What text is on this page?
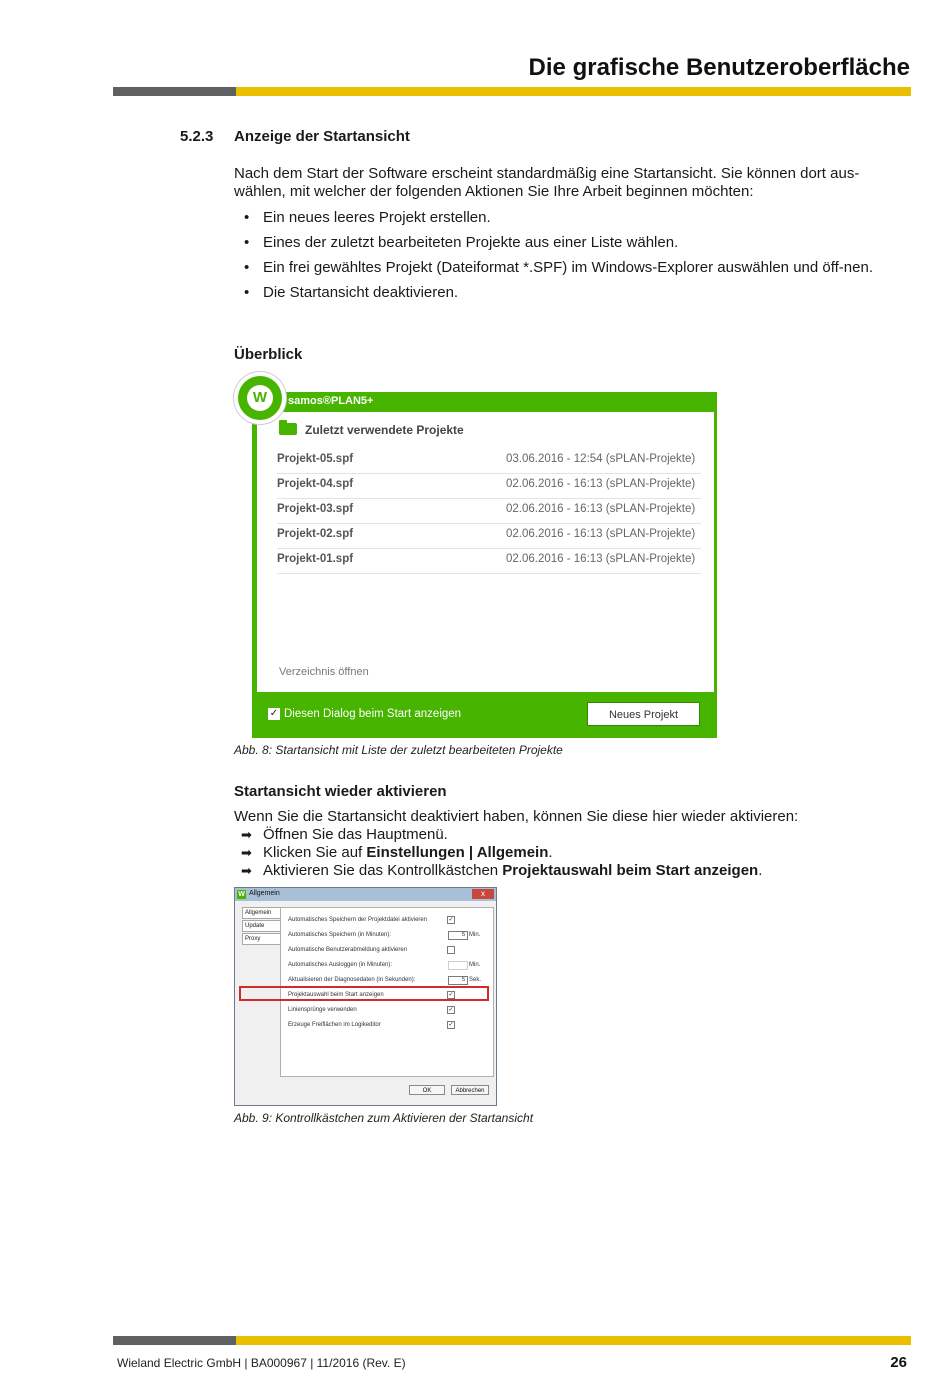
Die grafische Benutzeroberfläche
5.2.3 Anzeige der Startansicht
Nach dem Start der Software erscheint standardmäßig eine Startansicht. Sie können dort aus-wählen, mit welcher der folgenden Aktionen Sie Ihre Arbeit beginnen möchten:
• Ein neues leeres Projekt erstellen.
• Eines der zuletzt bearbeiteten Projekte aus einer Liste wählen.
• Ein frei gewähltes Projekt (Dateiformat *.SPF) im Windows-Explorer auswählen und öff-nen.
• Die Startansicht deaktivieren.
Überblick
samos®PLAN5+
Zuletzt verwendete Projekte
Projekt-05.spf	03.06.2016 - 12:54 (sPLAN-Projekte)
Projekt-04.spf	02.06.2016 - 16:13 (sPLAN-Projekte)
Projekt-03.spf	02.06.2016 - 16:13 (sPLAN-Projekte)
Projekt-02.spf	02.06.2016 - 16:13 (sPLAN-Projekte)
Projekt-01.spf	02.06.2016 - 16:13 (sPLAN-Projekte)
Verzeichnis öffnen
✓ Diesen Dialog beim Start anzeigen	Neues Projekt
W
Abb. 8: Startansicht mit Liste der zuletzt bearbeiteten Projekte
Startansicht wieder aktivieren
Wenn Sie die Startansicht deaktiviert haben, können Sie diese hier wieder aktivieren:
➡ Öffnen Sie das Hauptmenü.
➡ Klicken Sie auf Einstellungen | Allgemein.
➡ Aktivieren Sie das Kontrollkästchen Projektauswahl beim Start anzeigen.
W Allgemein	x
Allgemein
Update
Proxy
Automatisches Speichern der Projektdatei aktivieren	✓
Automatisches Speichern (in Minuten):	5 Min.
Automatische Benutzerabmeldung aktivieren
Automatisches Ausloggen (in Minuten):	Min.
Aktualisieren der Diagnosedaten (in Sekunden):	5 Sek.
Projektauswahl beim Start anzeigen	✓
Liniensprünge verwenden	✓
Erzeuge Freiflächen im Logikeditor	✓
OK	Abbrechen
Abb. 9: Kontrollkästchen zum Aktivieren der Startansicht
Wieland Electric GmbH | BA000967 | 11/2016 (Rev. E)	26
